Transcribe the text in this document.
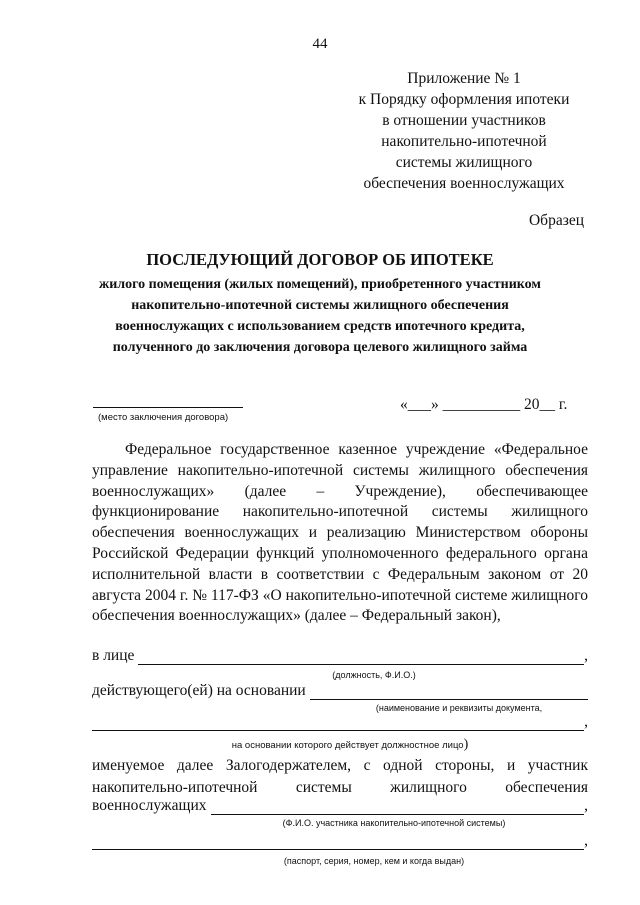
44
Приложение № 1
к Порядку оформления ипотеки
в отношении участников
накопительно-ипотечной
системы жилищного
обеспечения военнослужащих
Образец
ПОСЛЕДУЮЩИЙ ДОГОВОР ОБ ИПОТЕКЕ
жилого помещения (жилых помещений), приобретенного участником накопительно-ипотечной системы жилищного обеспечения военнослужащих с использованием средств ипотечного кредита, полученного до заключения договора целевого жилищного займа
(место заключения договора)
«___» __________ 20__ г.
Федеральное государственное казенное учреждение «Федеральное управление накопительно-ипотечной системы жилищного обеспечения военнослужащих» (далее – Учреждение), обеспечивающее функционирование накопительно-ипотечной системы жилищного обеспечения военнослужащих и реализацию Министерством обороны Российской Федерации функций уполномоченного федерального органа исполнительной власти в соответствии с Федеральным законом от 20 августа 2004 г. № 117-ФЗ «О накопительно-ипотечной системе жилищного обеспечения военнослужащих» (далее – Федеральный закон),
в лице	,
(должность, Ф.И.О.)
действующего(ей) на основании
(наименование и реквизиты документа,
,
на основании которого действует должностное лицо)
именуемое далее Залогодержателем, с одной стороны, и участник накопительно-ипотечной системы жилищного обеспечения
военнослужащих	,
(Ф.И.О. участника накопительно-ипотечной системы)
,
(паспорт, серия, номер, кем и когда выдан)
